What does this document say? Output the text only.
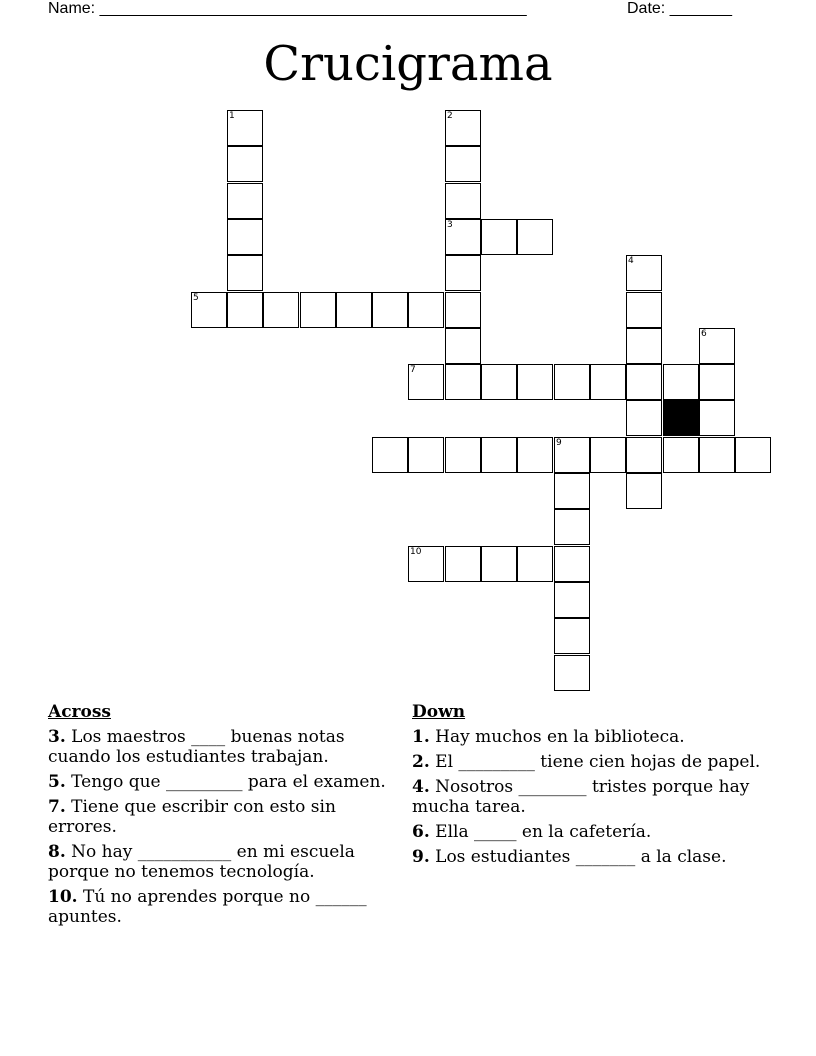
Name: ________________________________________________	Date: _______
Crucigrama
1	2
3
5
4
6
7
9
10
Across
3. Los maestros ____ buenas notas cuando los estudiantes trabajan.
5. Tengo que _________ para el examen.
7. Tiene que escribir con esto sin errores.
8. No hay ___________ en mi escuela porque no tenemos tecnología.
10. Tú no aprendes porque no ______ apuntes.
Down
1. Hay muchos en la biblioteca.
2. El _________ tiene cien hojas de papel.
4. Nosotros ________ tristes porque hay mucha tarea.
6. Ella _____ en la cafetería.
9. Los estudiantes _______ a la clase.
